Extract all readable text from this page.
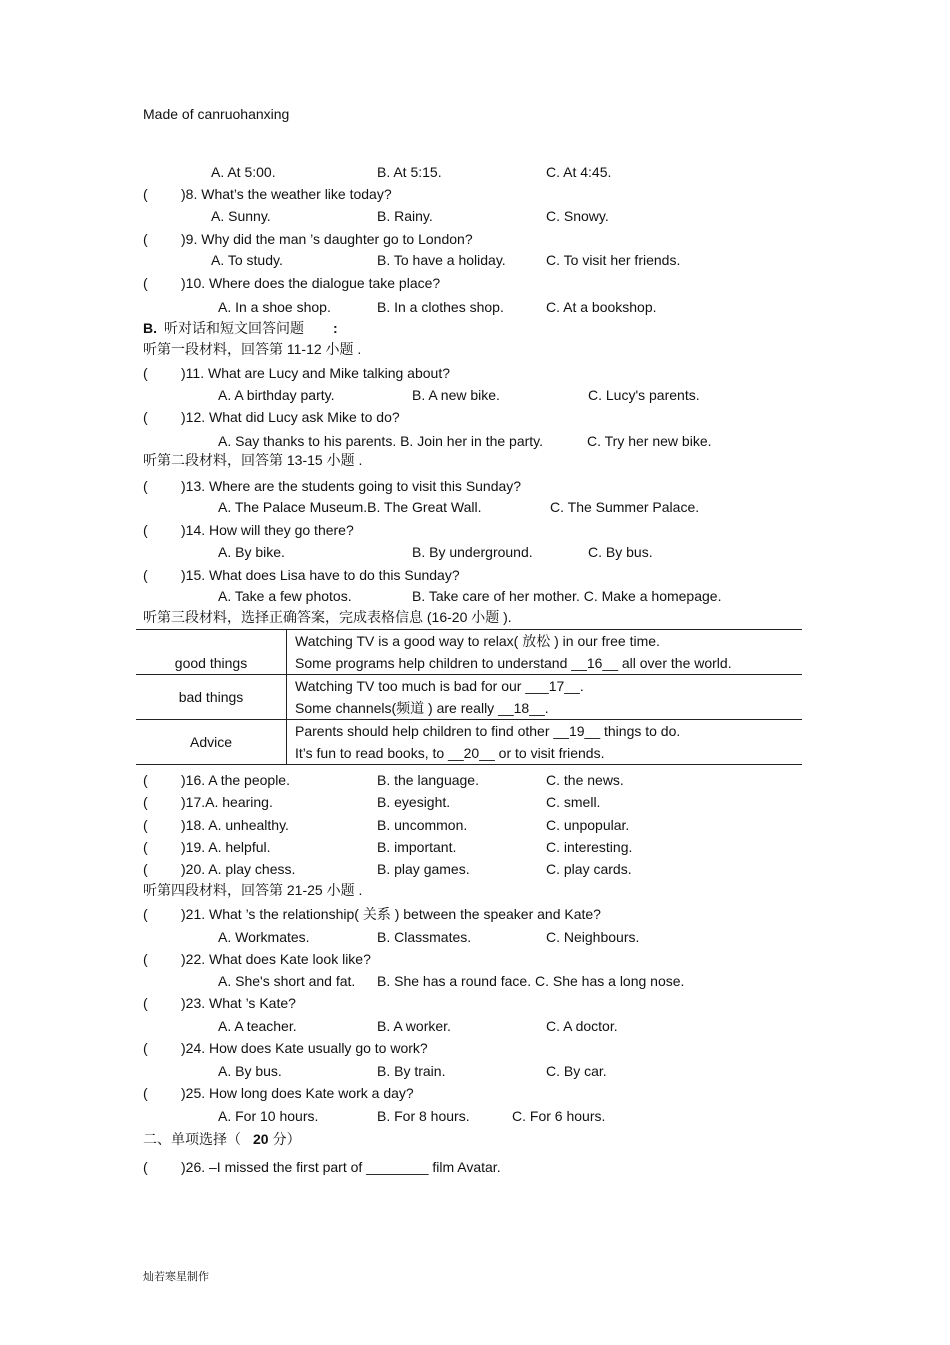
Made of canruohanxing
灿若寒星制作
A. At 5:00.	B. At 5:15.	C. At 4:45.
( )8. What’s the weather like today?
A. Sunny.	B. Rainy.	C. Snowy.
( )9. Why did the man ’s daughter go to London?
A. To study.	B. To have a holiday.	C. To visit her friends.
( )10. Where does the dialogue take place?
A. In a shoe shop.	B. In a clothes shop.	C. At a bookshop.
B. 听对话和短文回答问题 :
听第一段材料，回答第 11-12 小题 .
( )11. What are Lucy and Mike talking about?
A. A birthday party.	B. A new bike.	C. Lucy's parents.
( )12. What did Lucy ask Mike to do?
A. Say thanks to his parents. B. Join her in the party.	C. Try her new bike.
听第二段材料，回答第 13-15 小题 .
( )13. Where are the students going to visit this Sunday?
A. The Palace Museum.B. The Great Wall.	C. The Summer Palace.
( )14. How will they go there?
A. By bike.	B. By underground.	C. By bus.
( )15. What does Lisa have to do this Sunday?
A. Take a few photos.	B. Take care of her mother. C. Make a homepage.
听第三段材料，选择正确答案，完成表格信息 (16-20 小题 ).
good things	Watching TV is a good way to relax( 放松 ) in our free time.
Some programs help children to understand __16__ all over the world.

bad things	Watching TV too much is bad for our ___17__.
Some channels(频道 ) are really __18__.

Advice	Parents should help children to find other __19__ things to do.
It’s fun to read books, to __20__ or to visit friends.
( )16. A the people.	B. the language.	C. the news.
( )17.A. hearing.	B. eyesight.	C. smell.
( )18. A. unhealthy.	B. uncommon.	C. unpopular.
( )19. A. helpful.	B. important.	C. interesting.
( )20. A. play chess.	B. play games.	C. play cards.
听第四段材料，回答第 21-25 小题 .
( )21. What ’s the relationship( 关系 ) between the speaker and Kate?
A. Workmates.	B. Classmates.	C. Neighbours.
( )22. What does Kate look like?
A. She's short and fat. B. She has a round face. C. She has a long nose.
( )23. What ’s Kate?
A. A teacher.	B. A worker.	C. A doctor.
( )24. How does Kate usually go to work?
A. By bus.	B. By train.	C. By car.
( )25. How long does Kate work a day?
A. For 10 hours.	B. For 8 hours.	C. For 6 hours.
二、单项选择（ 20 分）
( )26. –I missed the first part of ________ film Avatar.
